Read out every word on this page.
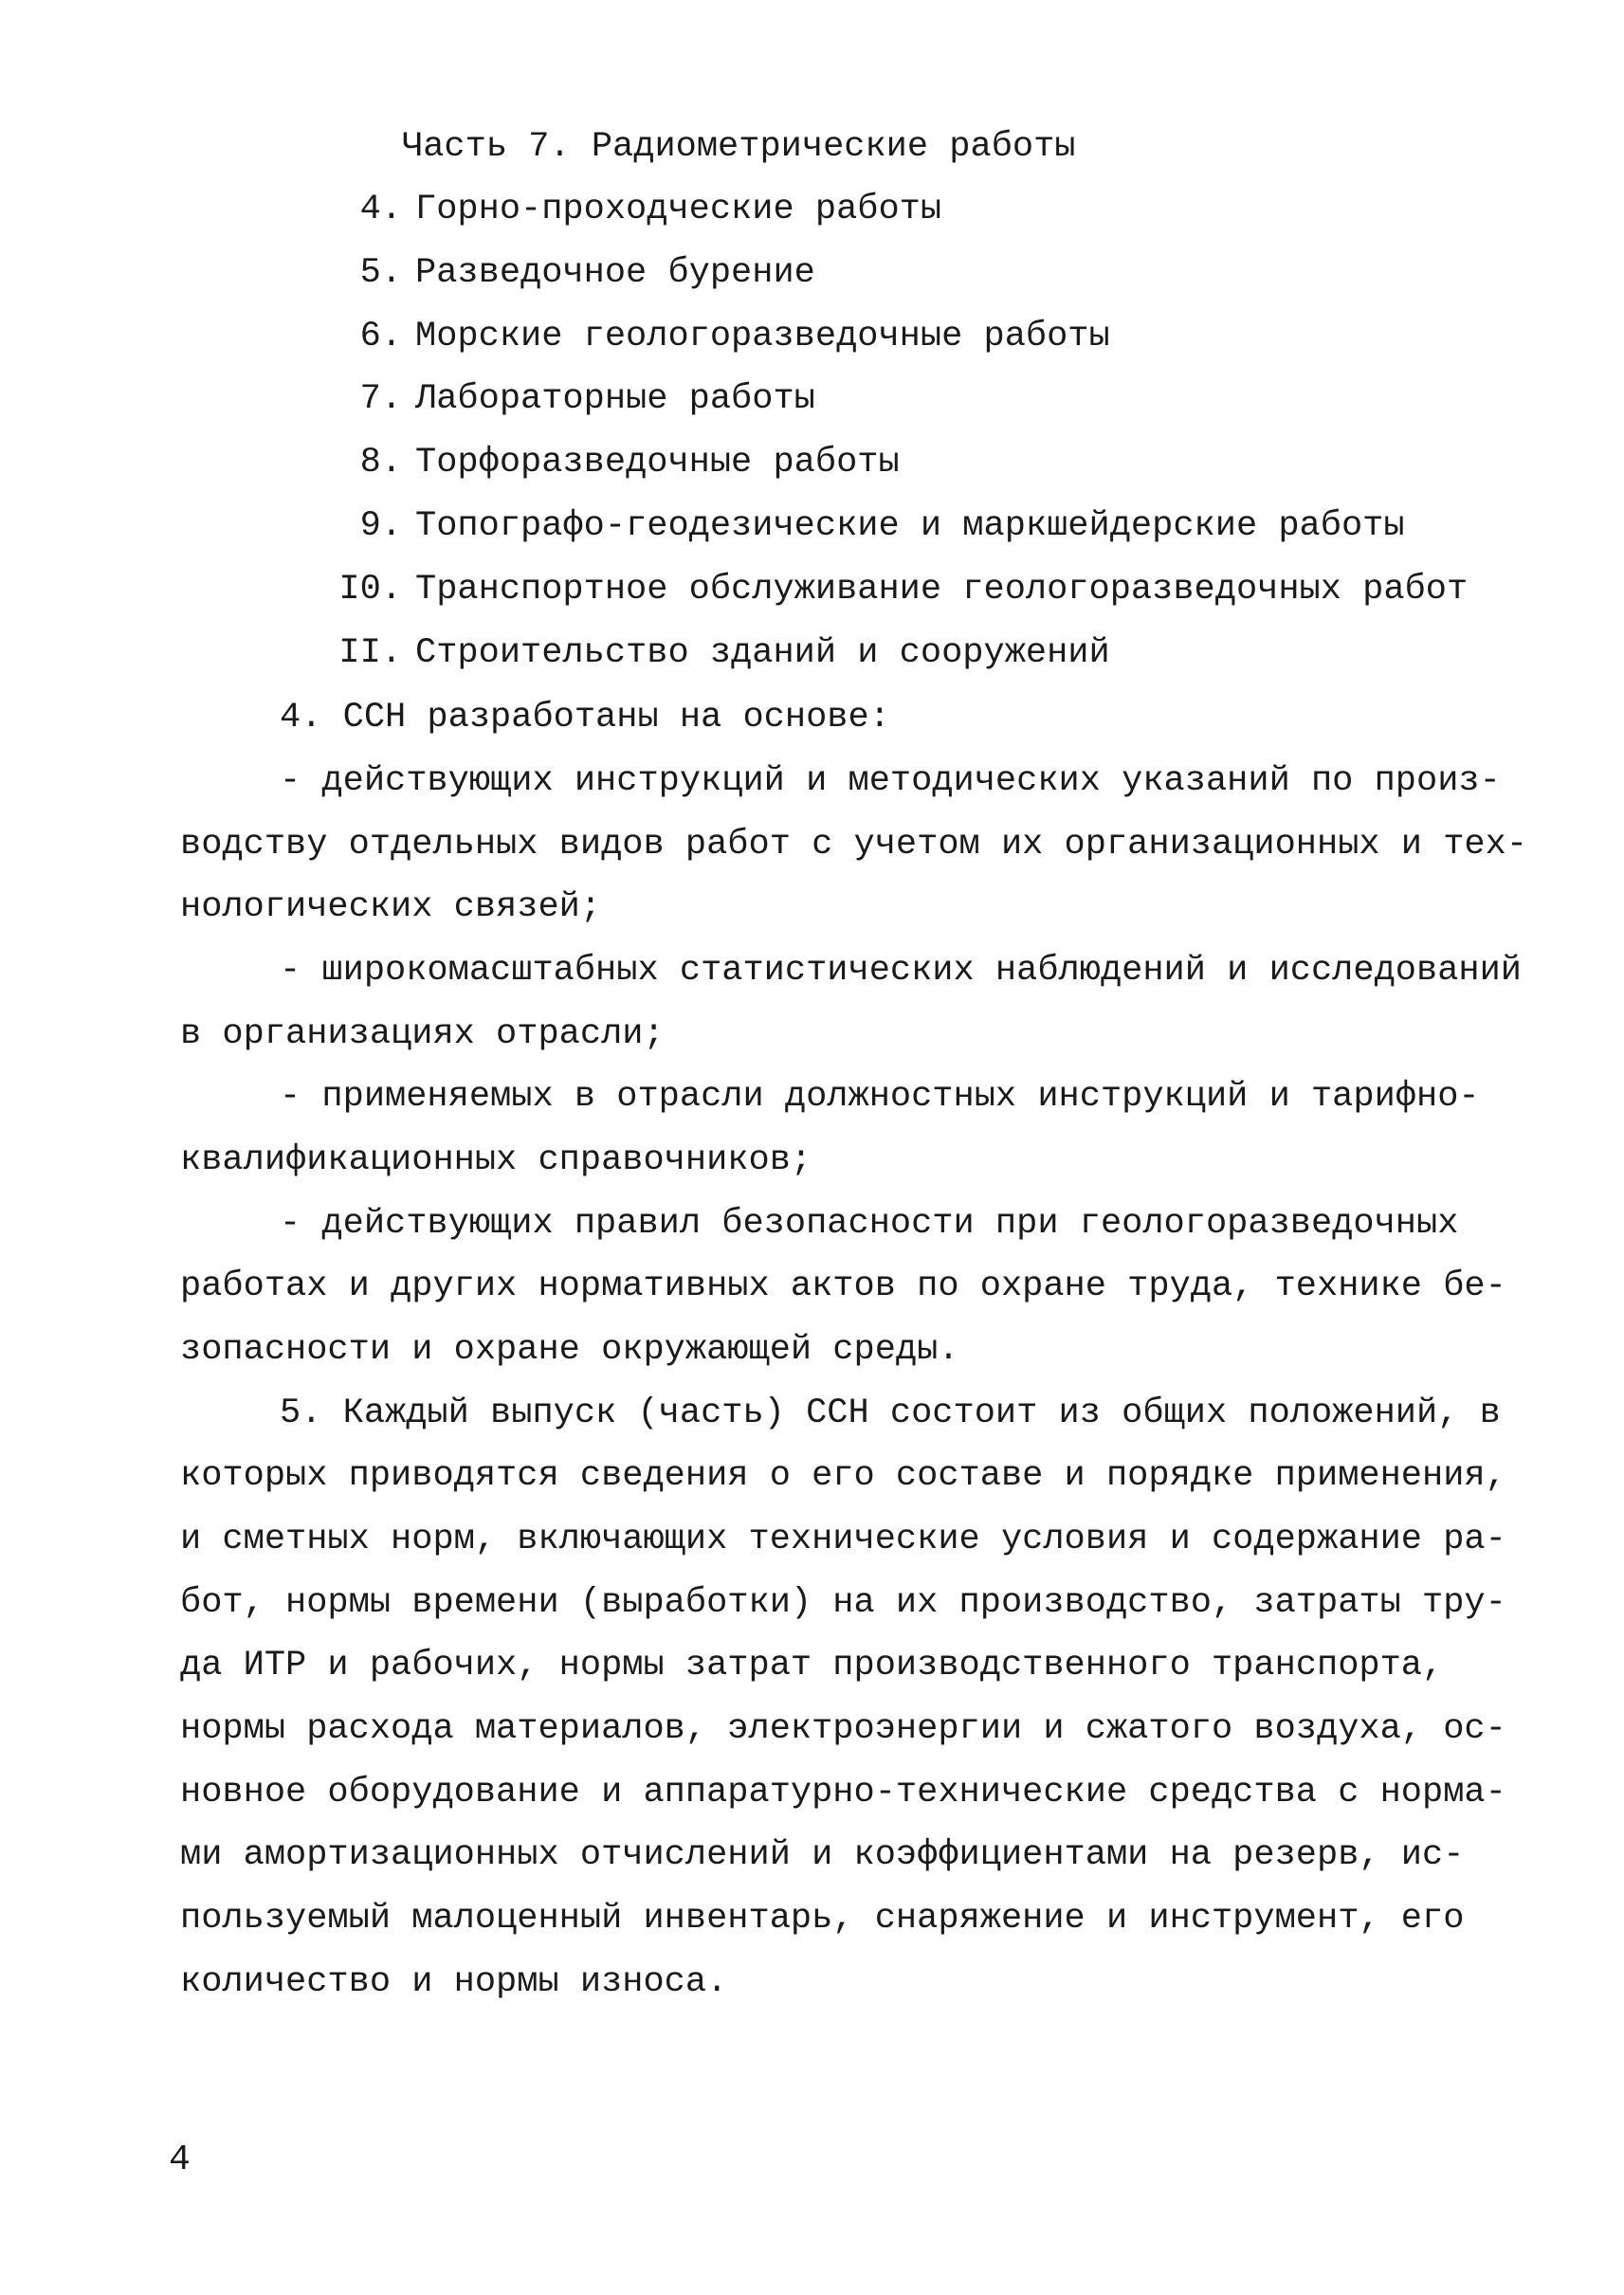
Часть 7. Радиометрические работы
4. Горно-проходческие работы
5. Разведочное бурение
6. Морские геологоразведочные работы
7. Лабораторные работы
8. Торфоразведочные работы
9. Топографо-геодезические и маркшейдерские работы
I0. Транспортное обслуживание геологоразведочных работ
II. Строительство зданий и сооружений
4. ССН разработаны на основе:
- действующих инструкций и методических указаний по произ-
водству отдельных видов работ с учетом их организационных и тех-
нологических связей;
- широкомасштабных статистических наблюдений и исследований
в организациях отрасли;
- применяемых в отрасли должностных инструкций и тарифно-
квалификационных справочников;
- действующих правил безопасности при геологоразведочных
работах и других нормативных актов по охране труда, технике бе-
зопасности и охране окружающей среды.
5. Каждый выпуск (часть) ССН состоит из общих положений, в
которых приводятся сведения о его составе и порядке применения,
и сметных норм, включающих технические условия и содержание ра-
бот, нормы времени (выработки) на их производство, затраты тру-
да ИТР и рабочих, нормы затрат производственного транспорта,
нормы расхода материалов, электроэнергии и сжатого воздуха, ос-
новное оборудование и аппаратурно-технические средства с норма-
ми амортизационных отчислений и коэффициентами на резерв, ис-
пользуемый малоценный инвентарь, снаряжение и инструмент, его
количество и нормы износа.
4
